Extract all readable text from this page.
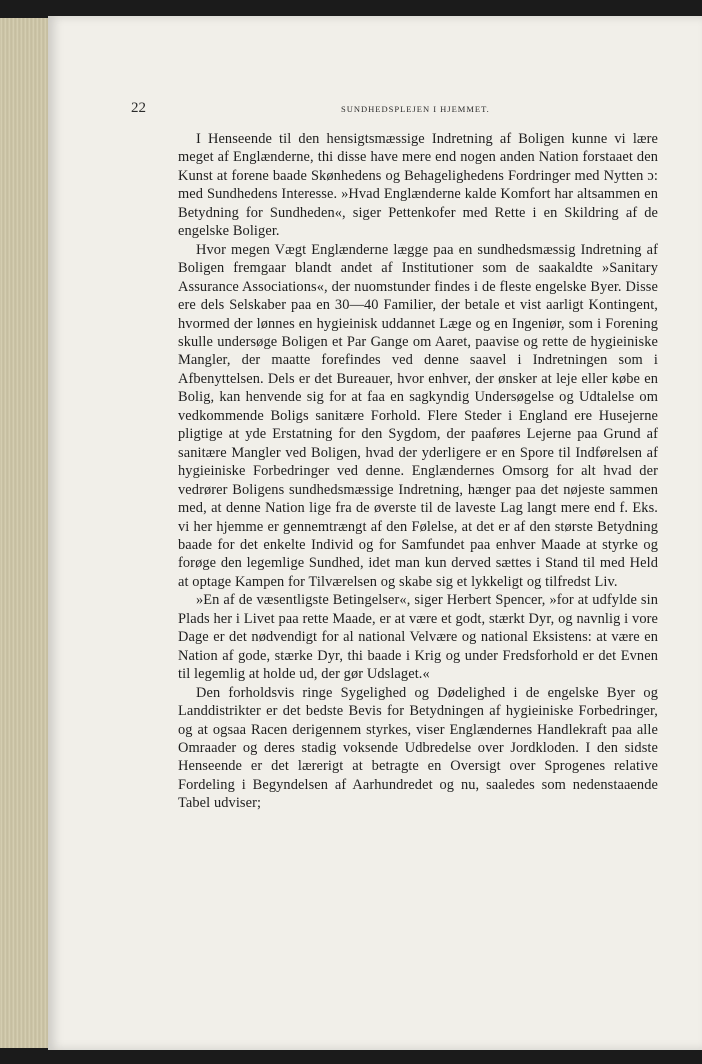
22	SUNDHEDSPLEJEN I HJEMMET.

I Henseende til den hensigtsmæssige Indretning af Boligen kunne vi lære meget af Englænderne, thi disse have mere end nogen anden Nation forstaaet den Kunst at forene baade Skønhedens og Behagelighedens Fordringer med Nytten ɔ: med Sundhedens Interesse. »Hvad Englænderne kalde Komfort har altsammen en Betydning for Sundheden«, siger Pettenkofer med Rette i en Skildring af de engelske Boliger.

Hvor megen Vægt Englænderne lægge paa en sundhedsmæssig Indretning af Boligen fremgaar blandt andet af Institutioner som de saakaldte »Sanitary Assurance Associations«, der nuomstunder findes i de fleste engelske Byer. Disse ere dels Selskaber paa en 30—40 Familier, der betale et vist aarligt Kontingent, hvormed der lønnes en hygieinisk uddannet Læge og en Ingeniør, som i Forening skulle undersøge Boligen et Par Gange om Aaret, paavise og rette de hygieiniske Mangler, der maatte forefindes ved denne saavel i Indretningen som i Afbenyttelsen. Dels er det Bureauer, hvor enhver, der ønsker at leje eller købe en Bolig, kan henvende sig for at faa en sagkyndig Undersøgelse og Udtalelse om vedkommende Boligs sanitære Forhold. Flere Steder i England ere Husejerne pligtige at yde Erstatning for den Sygdom, der paaføres Lejerne paa Grund af sanitære Mangler ved Boligen, hvad der yderligere er en Spore til Indførelsen af hygieiniske Forbedringer ved denne. Englændernes Omsorg for alt hvad der vedrører Boligens sundhedsmæssige Indretning, hænger paa det nøjeste sammen med, at denne Nation lige fra de øverste til de laveste Lag langt mere end f. Eks. vi her hjemme er gennemtrængt af den Følelse, at det er af den største Betydning baade for det enkelte Individ og for Samfundet paa enhver Maade at styrke og forøge den legemlige Sundhed, idet man kun derved sættes i Stand til med Held at optage Kampen for Tilværelsen og skabe sig et lykkeligt og tilfredst Liv.

»En af de væsentligste Betingelser«, siger Herbert Spencer, »for at udfylde sin Plads her i Livet paa rette Maade, er at være et godt, stærkt Dyr, og navnlig i vore Dage er det nødvendigt for al national Velvære og national Eksistens: at være en Nation af gode, stærke Dyr, thi baade i Krig og under Fredsforhold er det Evnen til legemlig at holde ud, der gør Udslaget.«

Den forholdsvis ringe Sygelighed og Dødelighed i de engelske Byer og Landdistrikter er det bedste Bevis for Betydningen af hygieiniske Forbedringer, og at ogsaa Racen derigennem styrkes, viser Englændernes Handlekraft paa alle Omraader og deres stadig voksende Udbredelse over Jordkloden. I den sidste Henseende er det lærerigt at betragte en Oversigt over Sprogenes relative Fordeling i Begyndelsen af Aarhundredet og nu, saaledes som nedenstaaende Tabel udviser;
